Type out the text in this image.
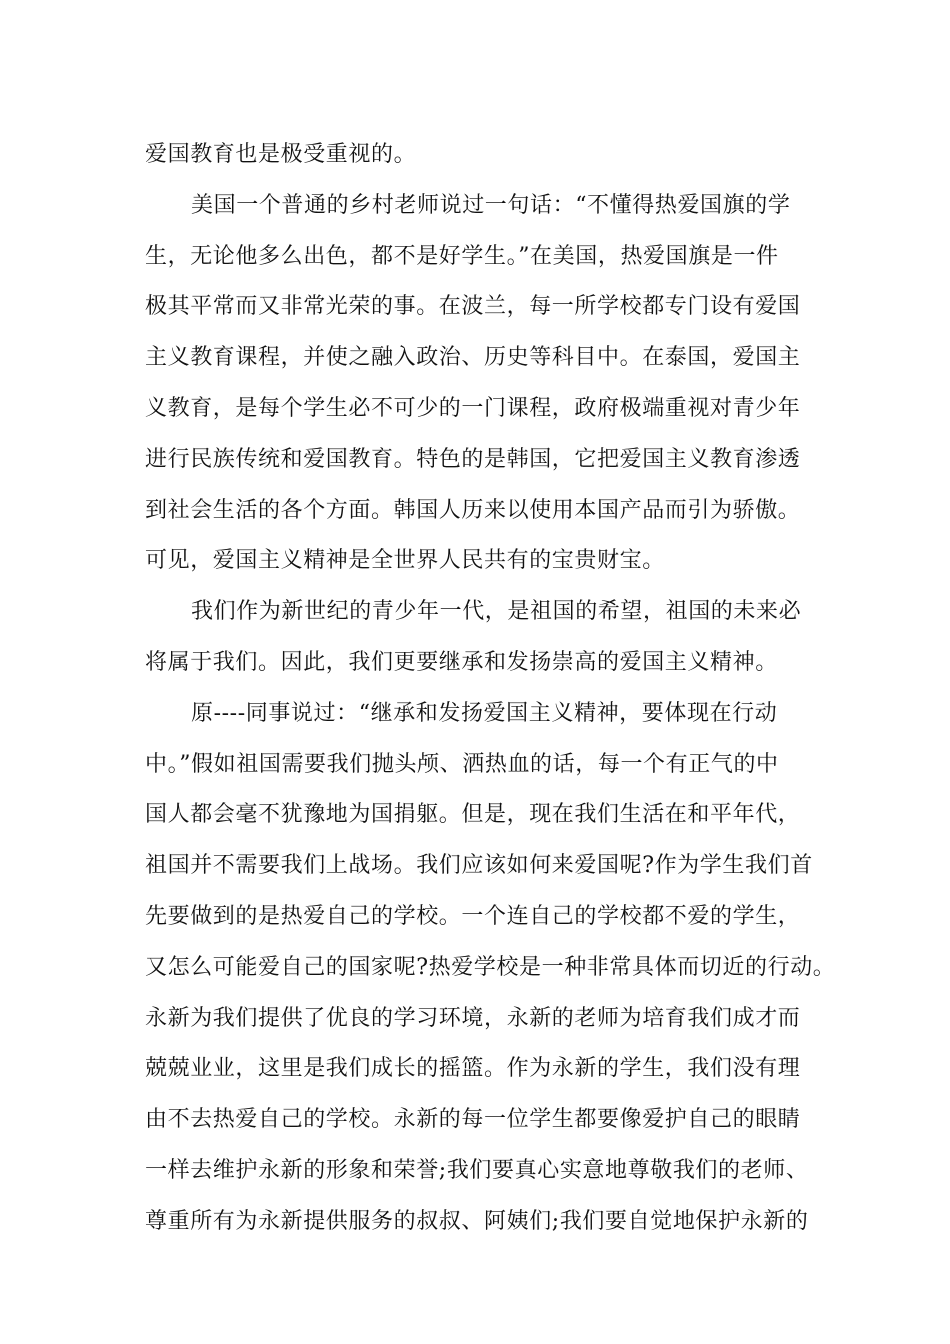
爱国教育也是极受重视的。
美国一个普通的乡村老师说过一句话：“不懂得热爱国旗的学
生，无论他多么出色，都不是好学生。”在美国，热爱国旗是一件
极其平常而又非常光荣的事。在波兰，每一所学校都专门设有爱国
主义教育课程，并使之融入政治、历史等科目中。在泰国，爱国主
义教育，是每个学生必不可少的一门课程，政府极端重视对青少年
进行民族传统和爱国教育。特色的是韩国，它把爱国主义教育渗透
到社会生活的各个方面。韩国人历来以使用本国产品而引为骄傲。
可见，爱国主义精神是全世界人民共有的宝贵财宝。
我们作为新世纪的青少年一代，是祖国的希望，祖国的未来必
将属于我们。因此，我们更要继承和发扬崇高的爱国主义精神。
原----同事说过：“继承和发扬爱国主义精神，要体现在行动
中。”假如祖国需要我们抛头颅、洒热血的话，每一个有正气的中
国人都会毫不犹豫地为国捐躯。但是，现在我们生活在和平年代，
祖国并不需要我们上战场。我们应该如何来爱国呢?作为学生我们首
先要做到的是热爱自己的学校。一个连自己的学校都不爱的学生，
又怎么可能爱自己的国家呢?热爱学校是一种非常具体而切近的行动。
永新为我们提供了优良的学习环境，永新的老师为培育我们成才而
兢兢业业，这里是我们成长的摇篮。作为永新的学生，我们没有理
由不去热爱自己的学校。永新的每一位学生都要像爱护自己的眼睛
一样去维护永新的形象和荣誉;我们要真心实意地尊敬我们的老师、
尊重所有为永新提供服务的叔叔、阿姨们;我们要自觉地保护永新的
